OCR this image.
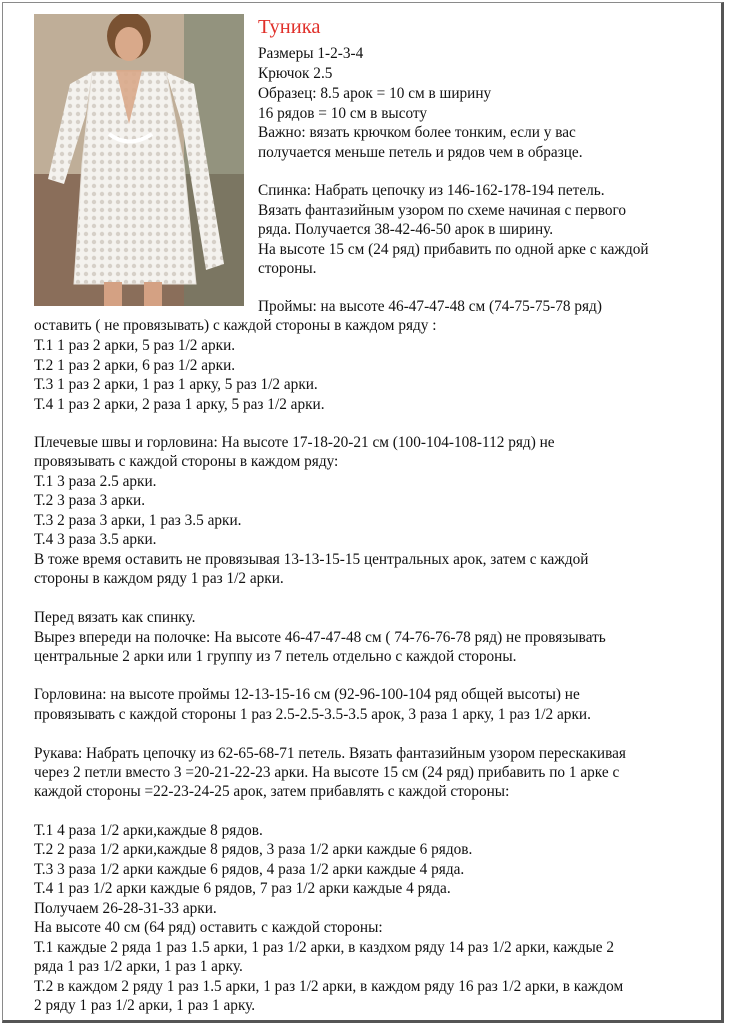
Туника
Размеры 1-2-3-4
Крючок 2.5
Образец: 8.5 арок = 10 см в ширину
16 рядов = 10 см в высоту
Важно: вязать крючком более тонким, если у вас
получается меньше петель и рядов чем в образце.
Спинка: Набрать цепочку из 146-162-178-194 петель.
Вязать фантазийным узором по схеме начиная с первого
ряда. Получается 38-42-46-50 арок в ширину.
На высоте 15 см (24 ряд) прибавить по одной арке с каждой
стороны.
Проймы: на высоте 46-47-47-48 см (74-75-75-78 ряд)
оставить ( не провязывать) с каждой стороны в каждом ряду :
Т.1 1 раз 2 арки, 5 раз 1/2 арки.
Т.2 1 раз 2 арки, 6 раз 1/2 арки.
Т.3 1 раз 2 арки, 1 раз 1 арку, 5 раз 1/2 арки.
Т.4 1 раз 2 арки, 2 раза 1 арку, 5 раз 1/2 арки.
Плечевые швы и горловина: На высоте 17-18-20-21 см (100-104-108-112 ряд) не
провязывать с каждой стороны в каждом ряду:
Т.1 3 раза 2.5 арки.
Т.2 3 раза 3 арки.
Т.3 2 раза 3 арки, 1 раз 3.5 арки.
Т.4 3 раза 3.5 арки.
В тоже время оставить не провязывая 13-13-15-15 центральных арок, затем с каждой
стороны в каждом ряду 1 раз 1/2 арки.
Перед вязать как спинку.
Вырез впереди на полочке: На высоте 46-47-47-48 см ( 74-76-76-78 ряд) не провязывать
центральные 2 арки или 1 группу из 7 петель отдельно с каждой стороны.
Горловина: на высоте проймы 12-13-15-16 см (92-96-100-104 ряд общей высоты) не
провязывать с каждой стороны 1 раз 2.5-2.5-3.5-3.5 арок, 3 раза 1 арку, 1 раз 1/2 арки.
Рукава: Набрать цепочку из 62-65-68-71 петель. Вязать фантазийным узором перескакивая
через 2 петли вместо 3 =20-21-22-23 арки. На высоте 15 см (24 ряд) прибавить по 1 арке с
каждой стороны =22-23-24-25 арок, затем прибавлять с каждой стороны:
Т.1 4 раза 1/2 арки,каждые 8 рядов.
Т.2 2 раза 1/2 арки,каждые 8 рядов, 3 раза 1/2 арки каждые 6 рядов.
Т.3 3 раза 1/2 арки каждые 6 рядов, 4 раза 1/2 арки каждые 4 ряда.
Т.4 1 раз 1/2 арки каждые 6 рядов, 7 раз 1/2 арки каждые 4 ряда.
Получаем 26-28-31-33 арки.
На высоте 40 см (64 ряд) оставить с каждой стороны:
Т.1 каждые 2 ряда 1 раз 1.5 арки, 1 раз 1/2 арки, в каздхом ряду 14 раз 1/2 арки, каждые 2
ряда 1 раз 1/2 арки, 1 раз 1 арку.
Т.2 в каждом 2 ряду 1 раз 1.5 арки, 1 раз 1/2 арки, в каждом ряду 16 раз 1/2 арки, в каждом
2 ряду 1 раз 1/2 арки, 1 раз 1 арку.
